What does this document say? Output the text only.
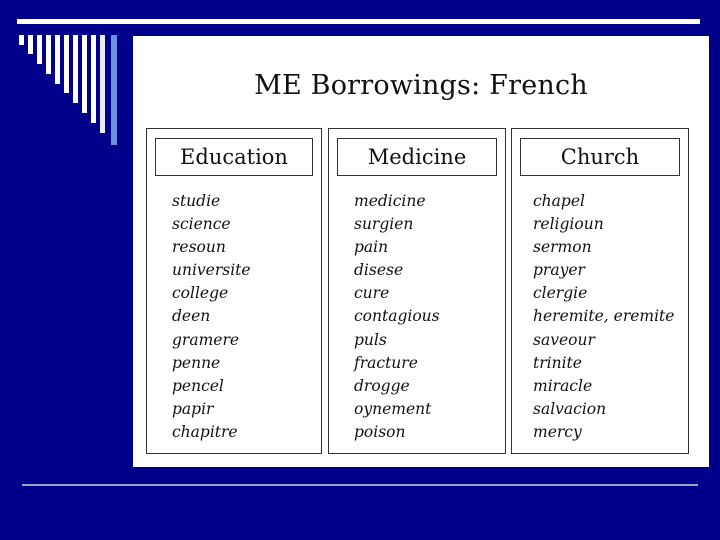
ME Borrowings: French
Education
studie
science
resoun
universite
college
deen
gramere
penne
pencel
papir
chapitre
Medicine
medicine
surgien
pain
disese
cure
contagious
puls
fracture
drogge
oynement
poison
Church
chapel
religioun
sermon
prayer
clergie
heremite, eremite
saveour
trinite
miracle
salvacion
mercy
